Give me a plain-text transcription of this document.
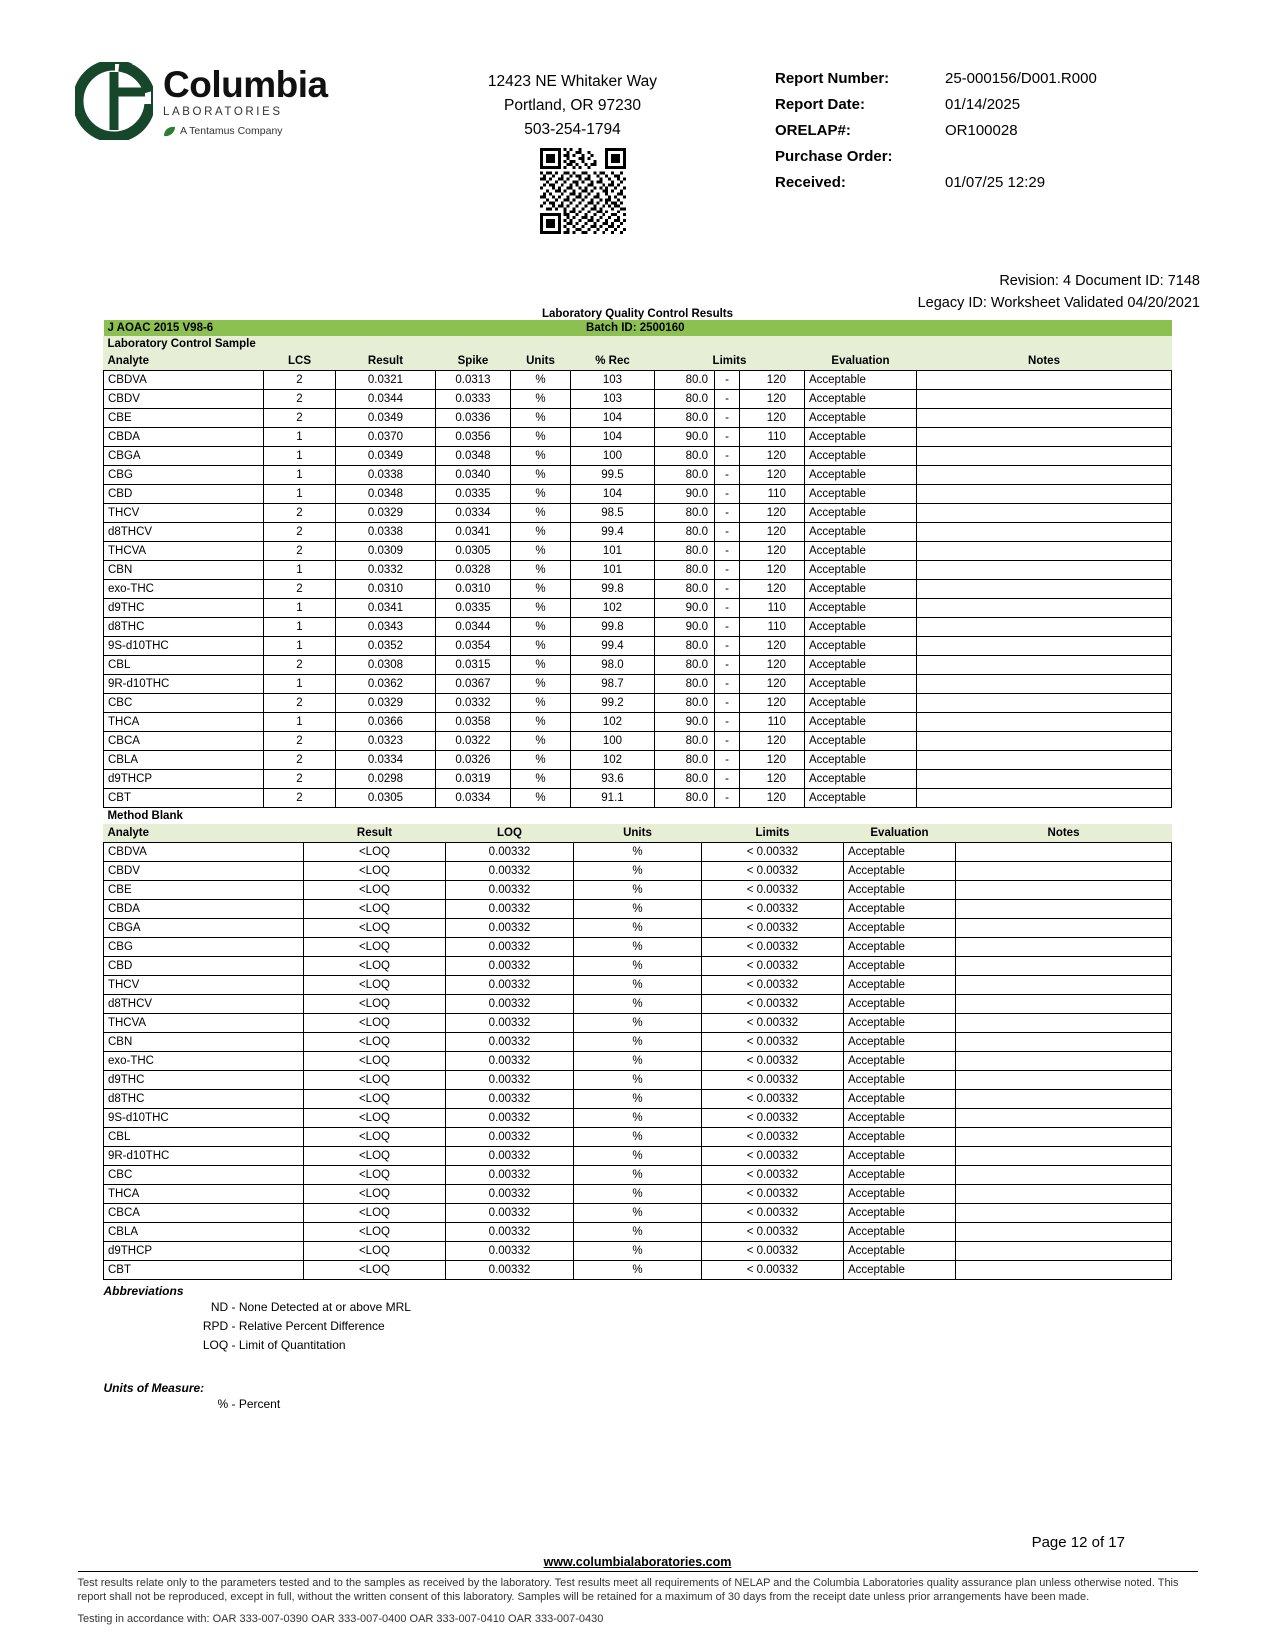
Columbia
LABORATORIES
A Tentamus Company
12423 NE Whitaker Way
Portland, OR 97230
503-254-1794
Report Number:	25-000156/D001.R000
Report Date:	01/14/2025
ORELAP#:	OR100028
Purchase Order:
Received:	01/07/25 12:29
Revision: 4 Document ID: 7148
Legacy ID: Worksheet Validated 04/20/2021
Laboratory Quality Control Results
J AOAC 2015 V98-6	Batch ID: 2500160	
Laboratory Control Sample										
Analyte	LCS	Result	Spike	Units	% Rec	Limits			Evaluation	Notes
CBDVA	2	0.0321	0.0313	%	103	80.0	-	120	Acceptable	
CBDV	2	0.0344	0.0333	%	103	80.0	-	120	Acceptable	
CBE	2	0.0349	0.0336	%	104	80.0	-	120	Acceptable	
CBDA	1	0.0370	0.0356	%	104	90.0	-	110	Acceptable	
CBGA	1	0.0349	0.0348	%	100	80.0	-	120	Acceptable	
CBG	1	0.0338	0.0340	%	99.5	80.0	-	120	Acceptable	
CBD	1	0.0348	0.0335	%	104	90.0	-	110	Acceptable	
THCV	2	0.0329	0.0334	%	98.5	80.0	-	120	Acceptable	
d8THCV	2	0.0338	0.0341	%	99.4	80.0	-	120	Acceptable	
THCVA	2	0.0309	0.0305	%	101	80.0	-	120	Acceptable	
CBN	1	0.0332	0.0328	%	101	80.0	-	120	Acceptable	
exo-THC	2	0.0310	0.0310	%	99.8	80.0	-	120	Acceptable	
d9THC	1	0.0341	0.0335	%	102	90.0	-	110	Acceptable	
d8THC	1	0.0343	0.0344	%	99.8	90.0	-	110	Acceptable	
9S-d10THC	1	0.0352	0.0354	%	99.4	80.0	-	120	Acceptable	
CBL	2	0.0308	0.0315	%	98.0	80.0	-	120	Acceptable	
9R-d10THC	1	0.0362	0.0367	%	98.7	80.0	-	120	Acceptable	
CBC	2	0.0329	0.0332	%	99.2	80.0	-	120	Acceptable	
THCA	1	0.0366	0.0358	%	102	90.0	-	110	Acceptable	
CBCA	2	0.0323	0.0322	%	100	80.0	-	120	Acceptable	
CBLA	2	0.0334	0.0326	%	102	80.0	-	120	Acceptable	
d9THCP	2	0.0298	0.0319	%	93.6	80.0	-	120	Acceptable	
CBT	2	0.0305	0.0334	%	91.1	80.0	-	120	Acceptable	
Method Blank						
Analyte	Result	LOQ	Units	Limits	Evaluation	Notes
CBDVA	<LOQ	0.00332	%	< 0.00332	Acceptable	
CBDV	<LOQ	0.00332	%	< 0.00332	Acceptable	
CBE	<LOQ	0.00332	%	< 0.00332	Acceptable	
CBDA	<LOQ	0.00332	%	< 0.00332	Acceptable	
CBGA	<LOQ	0.00332	%	< 0.00332	Acceptable	
CBG	<LOQ	0.00332	%	< 0.00332	Acceptable	
CBD	<LOQ	0.00332	%	< 0.00332	Acceptable	
THCV	<LOQ	0.00332	%	< 0.00332	Acceptable	
d8THCV	<LOQ	0.00332	%	< 0.00332	Acceptable	
THCVA	<LOQ	0.00332	%	< 0.00332	Acceptable	
CBN	<LOQ	0.00332	%	< 0.00332	Acceptable	
exo-THC	<LOQ	0.00332	%	< 0.00332	Acceptable	
d9THC	<LOQ	0.00332	%	< 0.00332	Acceptable	
d8THC	<LOQ	0.00332	%	< 0.00332	Acceptable	
9S-d10THC	<LOQ	0.00332	%	< 0.00332	Acceptable	
CBL	<LOQ	0.00332	%	< 0.00332	Acceptable	
9R-d10THC	<LOQ	0.00332	%	< 0.00332	Acceptable	
CBC	<LOQ	0.00332	%	< 0.00332	Acceptable	
THCA	<LOQ	0.00332	%	< 0.00332	Acceptable	
CBCA	<LOQ	0.00332	%	< 0.00332	Acceptable	
CBLA	<LOQ	0.00332	%	< 0.00332	Acceptable	
d9THCP	<LOQ	0.00332	%	< 0.00332	Acceptable	
CBT	<LOQ	0.00332	%	< 0.00332	Acceptable	
Abbreviations
ND - None Detected at or above MRL
RPD - Relative Percent Difference
LOQ - Limit of Quantitation
Units of Measure:
% - Percent
Page 12 of 17
www.columbialaboratories.com

Test results relate only to the parameters tested and to the samples as received by the laboratory. Test results meet all requirements of NELAP and the Columbia Laboratories quality assurance plan unless otherwise noted. This report shall not be reproduced, except in full, without the written consent of this laboratory. Samples will be retained for a maximum of 30 days from the receipt date unless prior arrangements have been made.

Testing in accordance with: OAR 333-007-0390 OAR 333-007-0400 OAR 333-007-0410 OAR 333-007-0430
